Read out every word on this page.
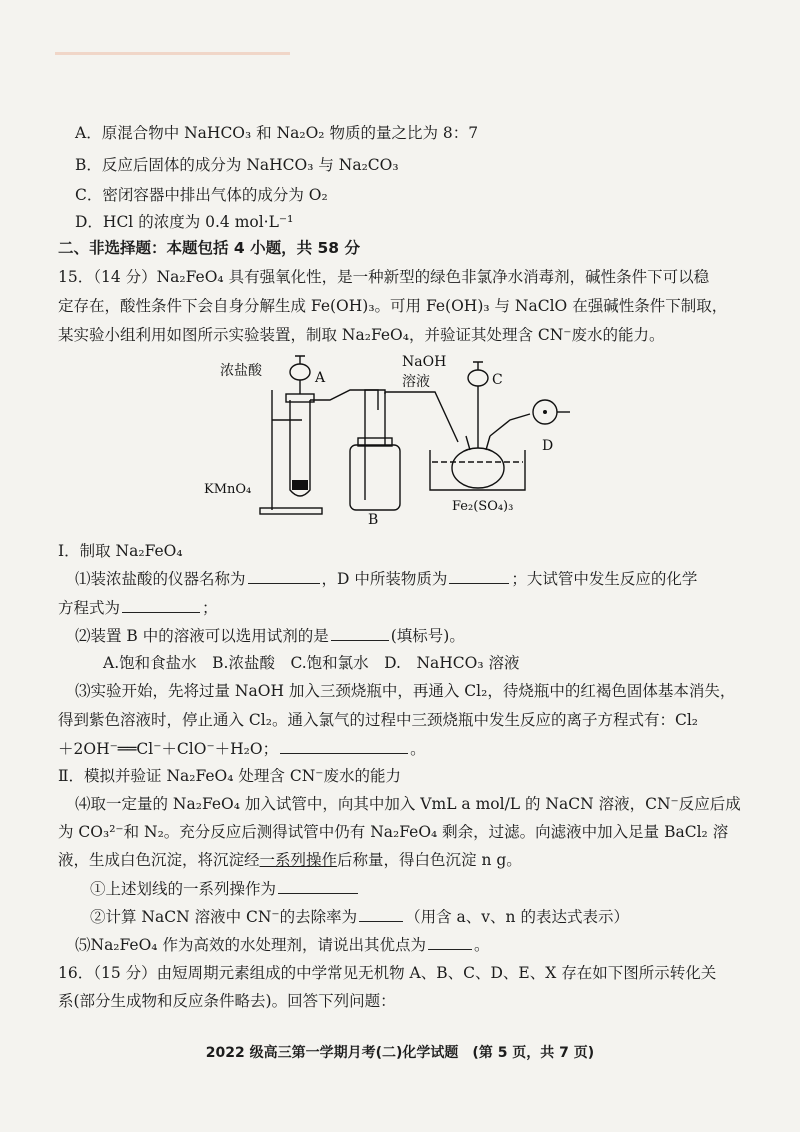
A．原混合物中 NaHCO₃ 和 Na₂O₂ 物质的量之比为 8：7
B．反应后固体的成分为 NaHCO₃ 与 Na₂CO₃
C．密闭容器中排出气体的成分为 O₂
D．HCl 的浓度为 0.4 mol·L⁻¹
二、非选择题：本题包括 4 小题，共 58 分
15．（14 分）Na₂FeO₄ 具有强氧化性，是一种新型的绿色非氯净水消毒剂，碱性条件下可以稳
定存在，酸性条件下会自身分解生成 Fe(OH)₃。可用 Fe(OH)₃ 与 NaClO 在强碱性条件下制取，
某实验小组利用如图所示实验装置，制取 Na₂FeO₄，并验证其处理含 CN⁻废水的能力。
浓盐酸	A
NaOH
溶液	C
D
KMnO₄
B
Fe₂(SO₄)₃
Ⅰ．制取 Na₂FeO₄
⑴装浓盐酸的仪器名称为	，D 中所装物质为	；大试管中发生反应的化学
方程式为	；
⑵装置 B 中的溶液可以选用试剂的是	(填标号)。
A.饱和食盐水　B.浓盐酸　C.饱和氯水　D.　NaHCO₃ 溶液
⑶实验开始，先将过量 NaOH 加入三颈烧瓶中，再通入 Cl₂，待烧瓶中的红褐色固体基本消失，
得到紫色溶液时，停止通入 Cl₂。通入氯气的过程中三颈烧瓶中发生反应的离子方程式有：Cl₂
＋2OH⁻══Cl⁻＋ClO⁻＋H₂O；	。
Ⅱ．模拟并验证 Na₂FeO₄ 处理含 CN⁻废水的能力
⑷取一定量的 Na₂FeO₄ 加入试管中，向其中加入 VmL a mol/L 的 NaCN 溶液，CN⁻反应后成
为 CO₃²⁻和 N₂。充分反应后测得试管中仍有 Na₂FeO₄ 剩余，过滤。向滤液中加入足量 BaCl₂ 溶
液，生成白色沉淀，将沉淀经一系列操作后称量，得白色沉淀 n g。
①上述划线的一系列操作为
②计算 NaCN 溶液中 CN⁻的去除率为	（用含 a、v、n 的表达式表示）
⑸Na₂FeO₄ 作为高效的水处理剂，请说出其优点为	。
16．（15 分）由短周期元素组成的中学常见无机物 A、B、C、D、E、X 存在如下图所示转化关
系(部分生成物和反应条件略去)。回答下列问题：
2022 级高三第一学期月考(二)化学试题　(第 5 页，共 7 页)
